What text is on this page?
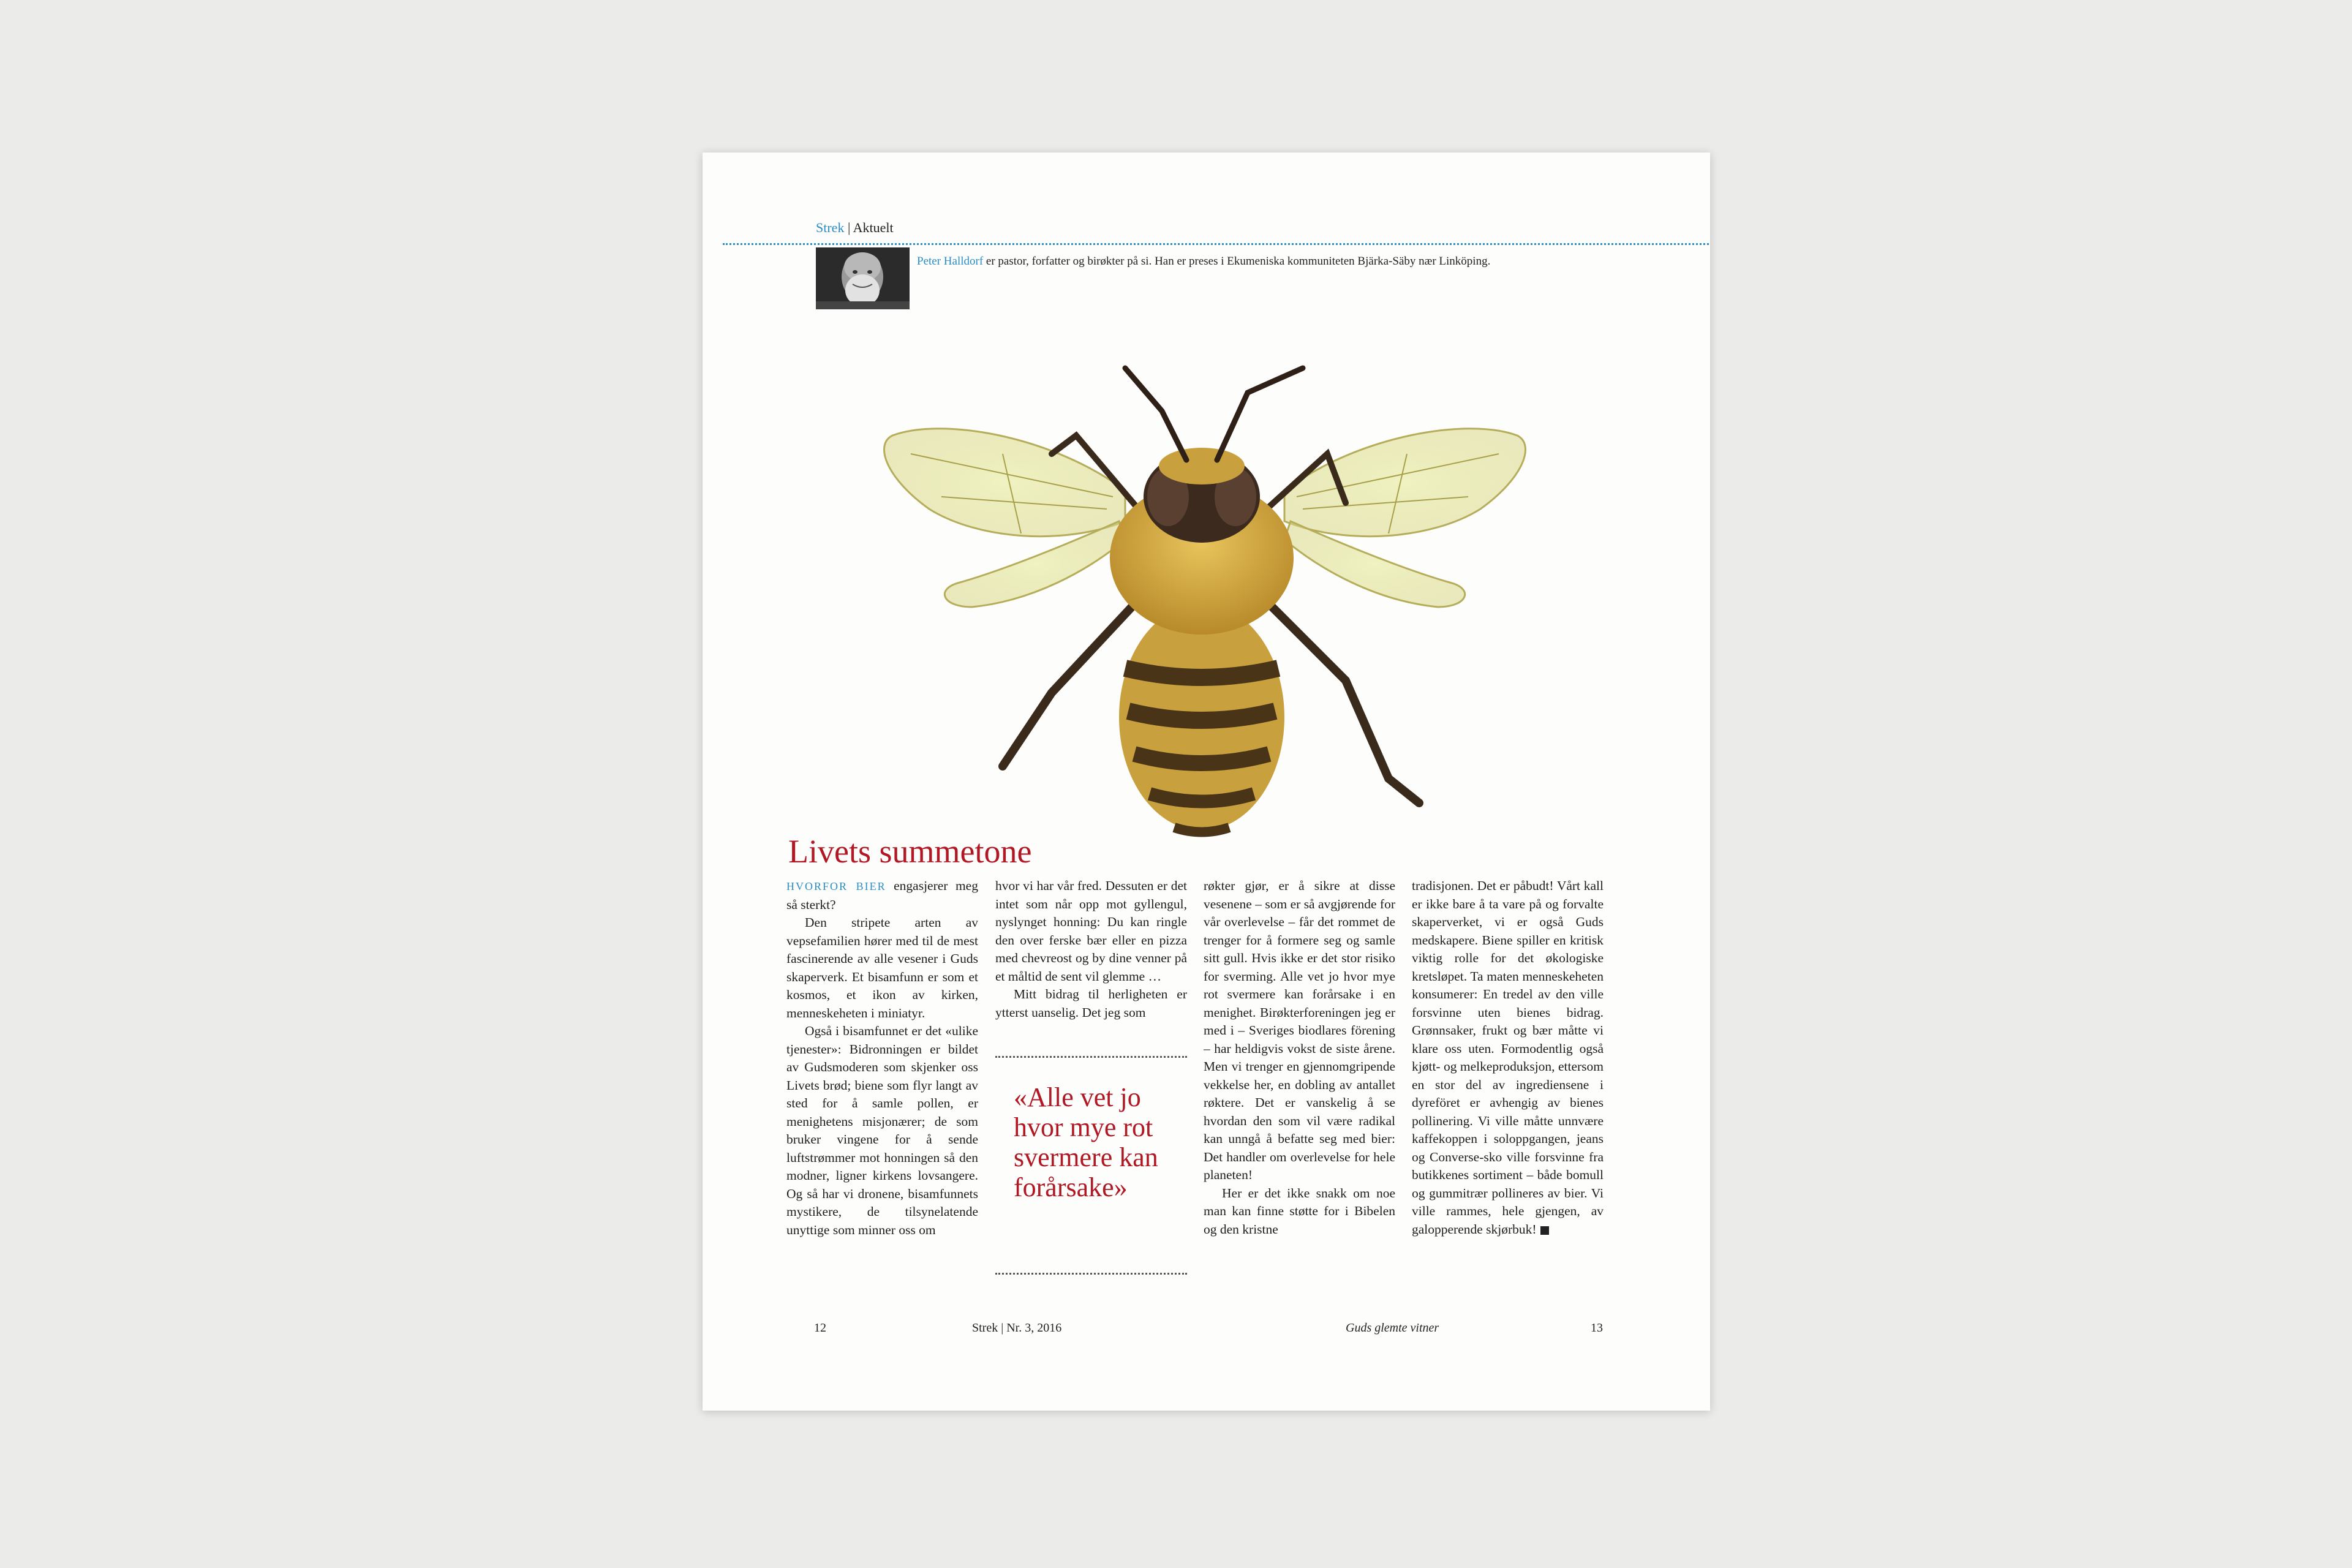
Strek | Aktuelt
Peter Halldorf er pastor, forfatter og birøkter på si. Han er preses i Ekumeniska kommuniteten Bjärka-Säby nær Linköping.
Livets summetone

HVORFOR BIER engasjerer meg så sterkt?

Den stripete arten av vepsefamilien hører med til de mest fascinerende av alle vesener i Guds skaperverk. Et bisamfunn er som et kosmos, et ikon av kirken, menneskeheten i miniatyr.

Også i bisamfunnet er det «ulike tjenester»: Bidronningen er bildet av Gudsmoderen som skjenker oss Livets brød; biene som flyr langt av sted for å samle pollen, er menighetens misjonærer; de som bruker vingene for å sende luftstrømmer mot honningen så den modner, ligner kirkens lovsangere. Og så har vi dronene, bisamfunnets mystikere, de tilsynelatende unyttige som minner oss om

hvor vi har vår fred. Dessuten er det intet som når opp mot gyllengul, nyslynget honning: Du kan ringle den over ferske bær eller en pizza med chevreost og by dine venner på et måltid de sent vil glemme …

Mitt bidrag til herligheten er ytterst uanselig. Det jeg som

«Alle vet jo hvor mye rot svermere kan forårsake»

røkter gjør, er å sikre at disse vesenene – som er så avgjørende for vår overlevelse – får det rommet de trenger for å formere seg og samle sitt gull. Hvis ikke er det stor risiko for sverming. Alle vet jo hvor mye rot svermere kan forårsake i en menighet. Birøkterforeningen jeg er med i – Sveriges biodlares förening – har heldigvis vokst de siste årene. Men vi trenger en gjennomgripende vekkelse her, en dobling av antallet røktere. Det er vanskelig å se hvordan den som vil være radikal kan unngå å befatte seg med bier: Det handler om overlevelse for hele planeten!

Her er det ikke snakk om noe man kan finne støtte for i Bibelen og den kristne

tradisjonen. Det er påbudt! Vårt kall er ikke bare å ta vare på og forvalte skaperverket, vi er også Guds medskapere. Biene spiller en kritisk viktig rolle for det økologiske kretsløpet. Ta maten menneskeheten konsumerer: En tredel av den ville forsvinne uten bienes bidrag. Grønnsaker, frukt og bær måtte vi klare oss uten. Formodentlig også kjøtt- og melkeproduksjon, ettersom en stor del av ingrediensene i dyreföret er avhengig av bienes pollinering. Vi ville måtte unnvære kaffekoppen i soloppgangen, jeans og Converse-sko ville forsvinne fra butikkenes sortiment – både bomull og gummitrær pollineres av bier. Vi ville rammes, hele gjengen, av galopperende skjørbuk!

12	Strek | Nr. 3, 2016	Guds glemte vitner	13
